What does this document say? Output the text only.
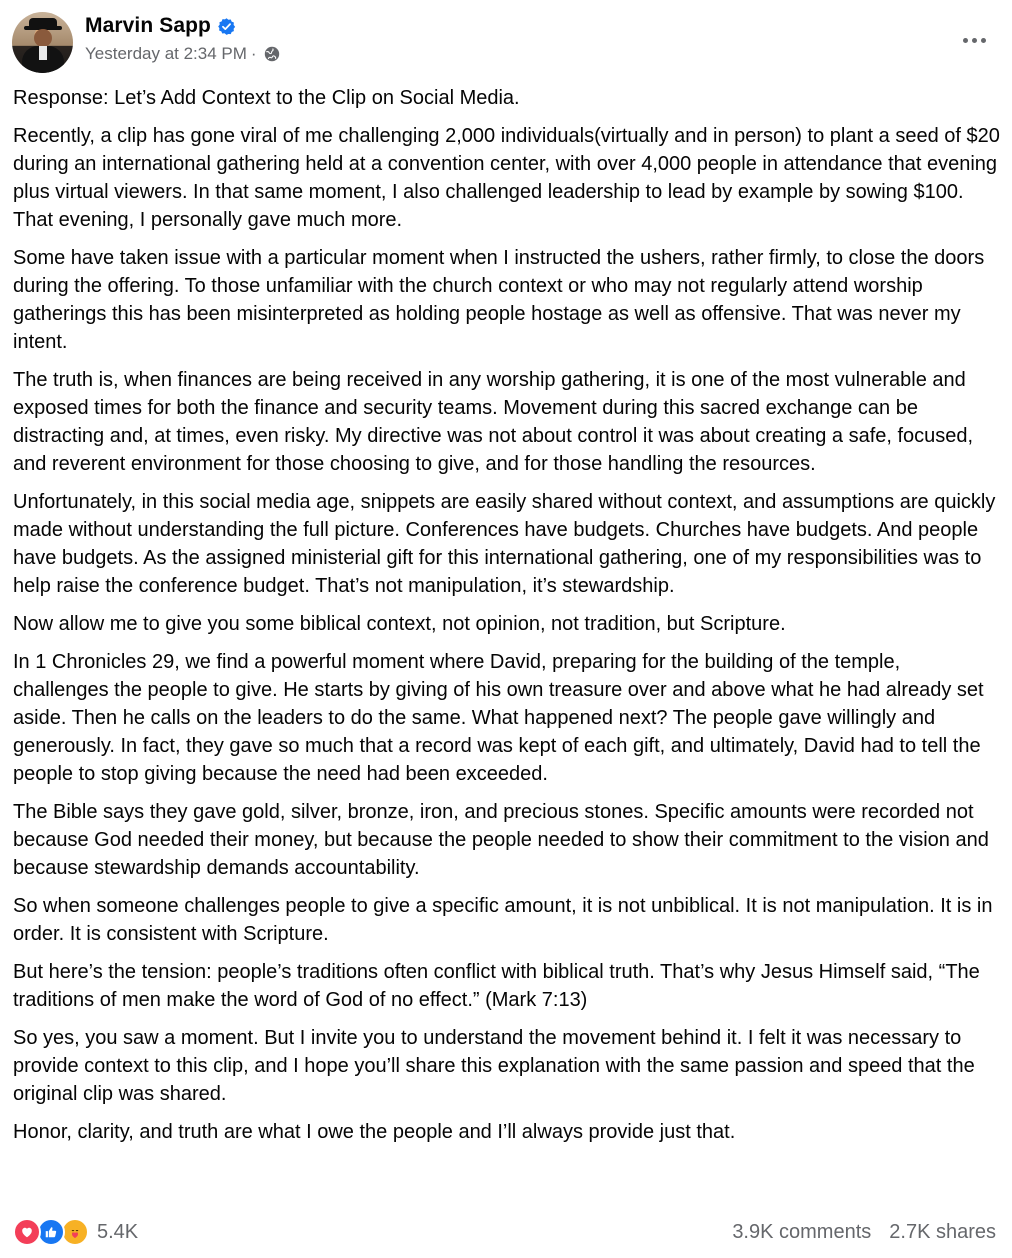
Marvin Sapp
Yesterday at 2:34 PM ·

Response: Let’s Add Context to the Clip on Social Media.

Recently, a clip has gone viral of me challenging 2,000 individuals(virtually and in person) to plant a seed of $20 during an international gathering held at a convention center, with over 4,000 people in attendance that evening plus virtual viewers. In that same moment, I also challenged leadership to lead by example by sowing $100. That evening, I personally gave much more.

Some have taken issue with a particular moment when I instructed the ushers, rather firmly, to close the doors during the offering. To those unfamiliar with the church context or who may not regularly attend worship gatherings this has been misinterpreted as holding people hostage as well as offensive. That was never my intent.

The truth is, when finances are being received in any worship gathering, it is one of the most vulnerable and exposed times for both the finance and security teams. Movement during this sacred exchange can be distracting and, at times, even risky. My directive was not about control it was about creating a safe, focused, and reverent environment for those choosing to give, and for those handling the resources.

Unfortunately, in this social media age, snippets are easily shared without context, and assumptions are quickly made without understanding the full picture. Conferences have budgets. Churches have budgets. And people have budgets. As the assigned ministerial gift for this international gathering, one of my responsibilities was to help raise the conference budget. That’s not manipulation, it’s stewardship.

Now allow me to give you some biblical context, not opinion, not tradition, but Scripture.

In 1 Chronicles 29, we find a powerful moment where David, preparing for the building of the temple, challenges the people to give. He starts by giving of his own treasure over and above what he had already set aside. Then he calls on the leaders to do the same. What happened next? The people gave willingly and generously. In fact, they gave so much that a record was kept of each gift, and ultimately, David had to tell the people to stop giving because the need had been exceeded.

The Bible says they gave gold, silver, bronze, iron, and precious stones. Specific amounts were recorded not because God needed their money, but because the people needed to show their commitment to the vision and because stewardship demands accountability.

So when someone challenges people to give a specific amount, it is not unbiblical. It is not manipulation. It is in order. It is consistent with Scripture.

But here’s the tension: people’s traditions often conflict with biblical truth. That’s why Jesus Himself said, “The traditions of men make the word of God of no effect.” (Mark 7:13)

So yes, you saw a moment. But I invite you to understand the movement behind it. I felt it was necessary to provide context to this clip, and I hope you’ll share this explanation with the same passion and speed that the original clip was shared.

Honor, clarity, and truth are what I owe the people and I’ll always provide just that.

5.4K	3.9K comments 2.7K shares
